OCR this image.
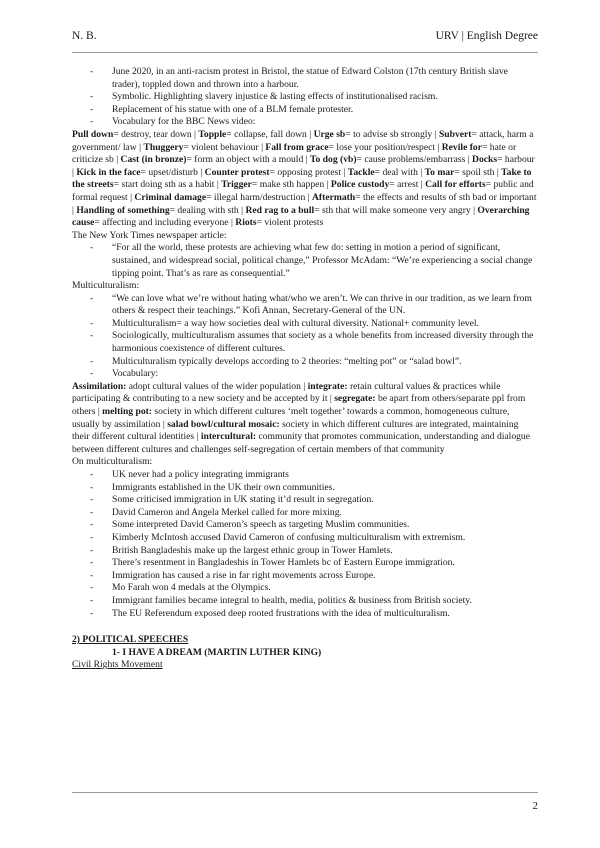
N. B.	URV | English Degree
- June 2020, in an anti-racism protest in Bristol, the statue of Edward Colston (17th century British slave trader), toppled down and thrown into a harbour.
- Symbolic. Highlighting slavery injustice & lasting effects of institutionalised racism.
- Replacement of his statue with one of a BLM female protester.
- Vocabulary for the BBC News video:

Pull down= destroy, tear down | Topple= collapse, fall down | Urge sb= to advise sb strongly | Subvert= attack, harm a government/ law | Thuggery= violent behaviour | Fall from grace= lose your position/respect | Revile for= hate or criticize sb | Cast (in bronze)= form an object with a mould | To dog (vb)= cause problems/embarrass | Docks= harbour | Kick in the face= upset/disturb | Counter protest= opposing protest | Tackle= deal with | To mar= spoil sth | Take to the streets= start doing sth as a habit | Trigger= make sth happen | Police custody= arrest | Call for efforts= public and formal request | Criminal damage= illegal harm/destruction | Aftermath= the effects and results of sth bad or important | Handling of something= dealing with sth | Red rag to a bull= sth that will make someone very angry | Overarching cause= affecting and including everyone | Riots= violent protests

The New York Times newspaper article:

- “For all the world, these protests are achieving what few do: setting in motion a period of significant, sustained, and widespread social, political change,” Professor McAdam: “We’re experiencing a social change tipping point. That’s as rare as consequential.”

Multiculturalism:

- “We can love what we’re without hating what/who we aren’t. We can thrive in our tradition, as we learn from others & respect their teachings.” Kofi Annan, Secretary-General of the UN.
- Multiculturalism= a way how societies deal with cultural diversity. National+ community level.
- Sociologically, multiculturalism assumes that society as a whole benefits from increased diversity through the harmonious coexistence of different cultures.
- Multiculturalism typically develops according to 2 theories: “melting pot” or “salad bowl”.
- Vocabulary:

Assimilation: adopt cultural values of the wider population | integrate: retain cultural values & practices while participating & contributing to a new society and be accepted by it | segregate: be apart from others/separate ppl from others | melting pot: society in which different cultures ‘melt together’ towards a common, homogeneous culture, usually by assimilation | salad bowl/cultural mosaic: society in which different cultures are integrated, maintaining their different cultural identities | intercultural: community that promotes communication, understanding and dialogue between different cultures and challenges self-segregation of certain members of that community

On multiculturalism:

- UK never had a policy integrating immigrants
- Immigrants established in the UK their own communities.
- Some criticised immigration in UK stating it’d result in segregation.
- David Cameron and Angela Merkel called for more mixing.
- Some interpreted David Cameron’s speech as targeting Muslim communities.
- Kimberly McIntosh accused David Cameron of confusing multiculturalism with extremism.
- British Bangladeshis make up the largest ethnic group in Tower Hamlets.
- There’s resentment in Bangladeshis in Tower Hamlets bc of Eastern Europe immigration.
- Immigration has caused a rise in far right movements across Europe.
- Mo Farah won 4 medals at the Olympics.
- Immigrant families became integral to health, media, politics & business from British society.
- The EU Referendum exposed deep rooted frustrations with the idea of multiculturalism.

2) POLITICAL SPEECHES

1- I HAVE A DREAM (MARTIN LUTHER KING)

Civil Rights Movement

2
